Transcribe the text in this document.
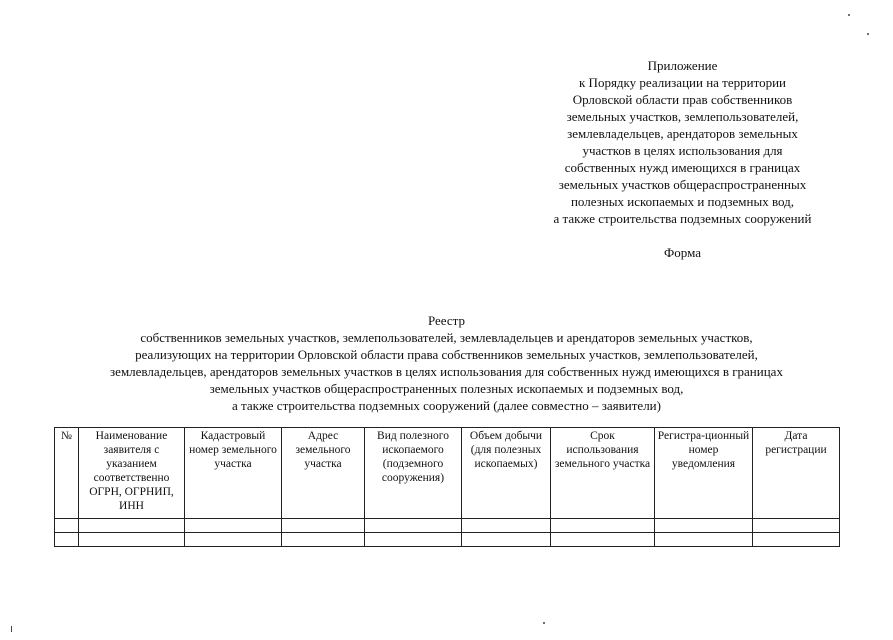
Приложение
к Порядку реализации на территории
Орловской области прав собственников
земельных участков, землепользователей,
землевладельцев, арендаторов земельных
участков в целях использования для
собственных нужд имеющихся в границах
земельных участков общераспространенных
полезных ископаемых и подземных вод,
а также строительства подземных сооружений
Форма
Реестр
собственников земельных участков, землепользователей, землевладельцев и арендаторов земельных участков,
реализующих на территории Орловской области права собственников земельных участков, землепользователей,
землевладельцев, арендаторов земельных участков в целях использования для собственных нужд имеющихся в границах
земельных участков общераспространенных полезных ископаемых и подземных вод,
а также строительства подземных сооружений (далее совместно – заявители)
№	Наименование заявителя с указанием соответственно ОГРН, ОГРНИП, ИНН	Кадастровый номер земельного участка	Адрес земельного участка	Вид полезного ископаемого (подземного сооружения)	Объем добычи (для полезных ископаемых)	Срок использования земельного участка	Регистра-ционный номер уведомления	Дата регистрации
